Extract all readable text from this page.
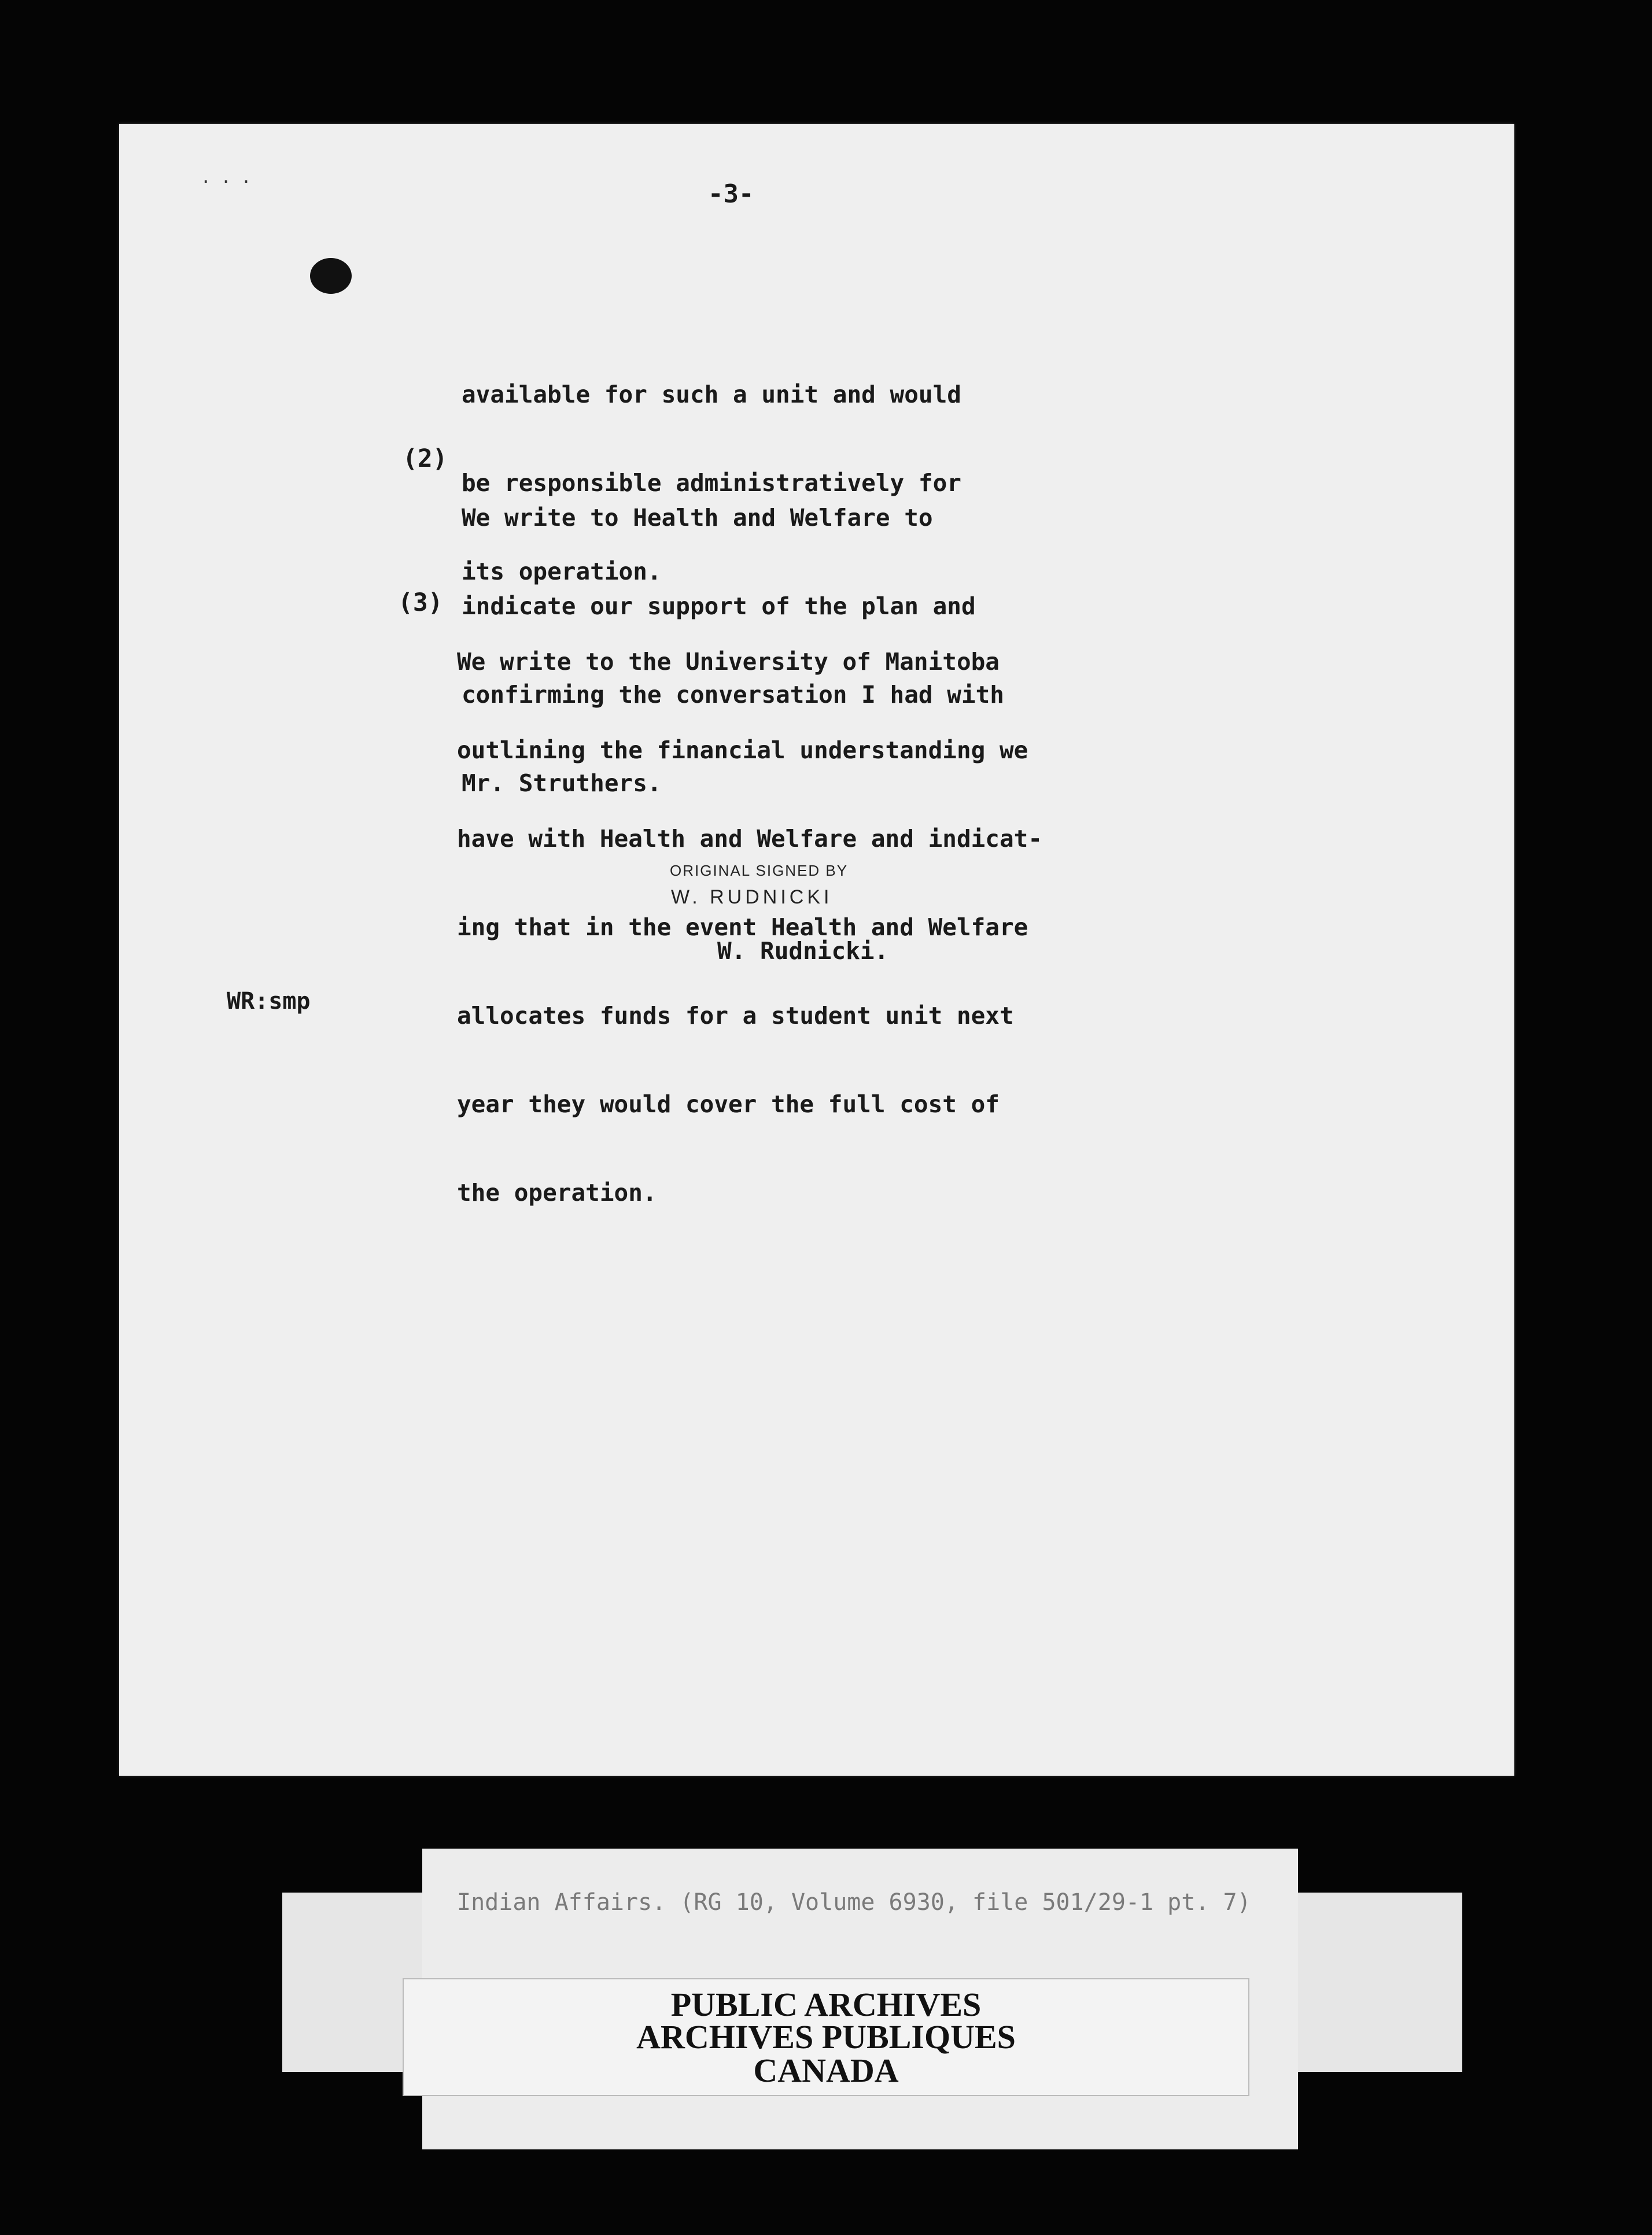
· · ·	-3-

available for such a unit and would

be responsible administratively for

its operation.

(2)

We write to Health and Welfare to

indicate our support of the plan and

confirming the conversation I had with

Mr. Struthers.

(3)

We write to the University of Manitoba

outlining the financial understanding we

have with Health and Welfare and indicat-

ing that in the event Health and Welfare

allocates funds for a student unit next

year they would cover the full cost of

the operation.

ORIGINAL SIGNED BY
W. RUDNICKI
W. Rudnicki.
WR:smp
Indian Affairs. (RG 10, Volume 6930, file 501/29-1 pt. 7)
PUBLIC ARCHIVES
ARCHIVES PUBLIQUES
CANADA
